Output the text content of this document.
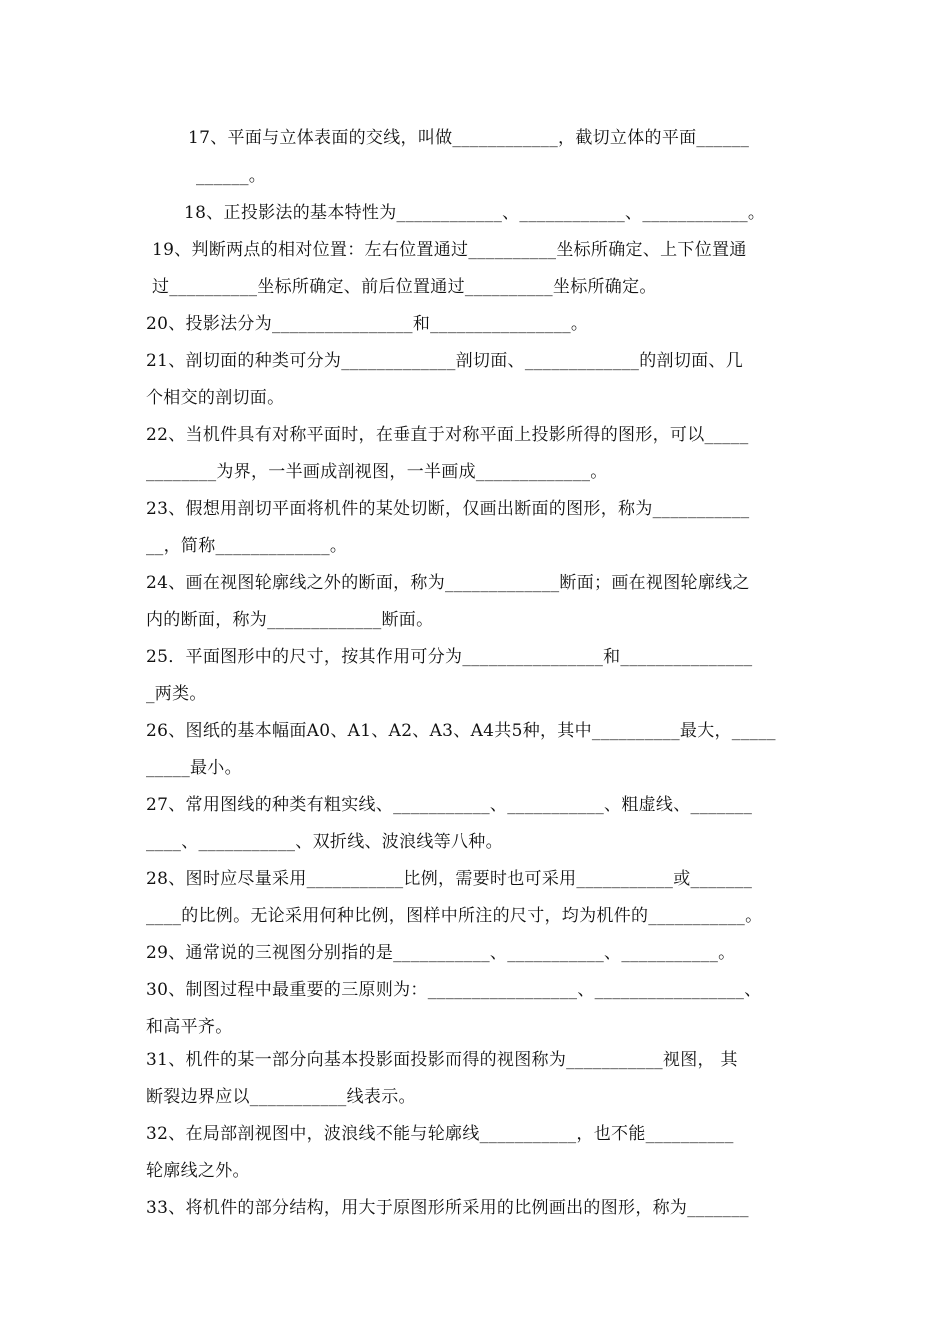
17、平面与立体表面的交线，叫做____________，截切立体的平面______
______。
18、正投影法的基本特性为____________、____________、____________。
19、判断两点的相对位置：左右位置通过__________坐标所确定、上下位置通
过__________坐标所确定、前后位置通过__________坐标所确定。
20、投影法分为________________和________________。
21、剖切面的种类可分为_____________剖切面、_____________的剖切面、几
个相交的剖切面。
22、当机件具有对称平面时，在垂直于对称平面上投影所得的图形，可以_____
________为界，一半画成剖视图，一半画成_____________。
23、假想用剖切平面将机件的某处切断，仅画出断面的图形，称为___________
__，简称_____________。
24、画在视图轮廓线之外的断面，称为_____________断面；画在视图轮廓线之
内的断面，称为_____________断面。
25．平面图形中的尺寸，按其作用可分为________________和_______________
_两类。
26、图纸的基本幅面A0、A1、A2、A3、A4共5种，其中__________最大，_____
_____最小。
27、常用图线的种类有粗实线、___________、___________、粗虚线、_______
____、___________、双折线、波浪线等八种。
28、图时应尽量采用___________比例，需要时也可采用___________或_______
____的比例。无论采用何种比例，图样中所注的尺寸，均为机件的___________。
29、通常说的三视图分别指的是___________、___________、___________。
30、制图过程中最重要的三原则为：_________________、_________________、
和高平齐。
31、机件的某一部分向基本投影面投影而得的视图称为___________视图， 其
断裂边界应以___________线表示。
32、在局部剖视图中，波浪线不能与轮廓线___________，也不能__________
轮廓线之外。
33、将机件的部分结构，用大于原图形所采用的比例画出的图形，称为_______
